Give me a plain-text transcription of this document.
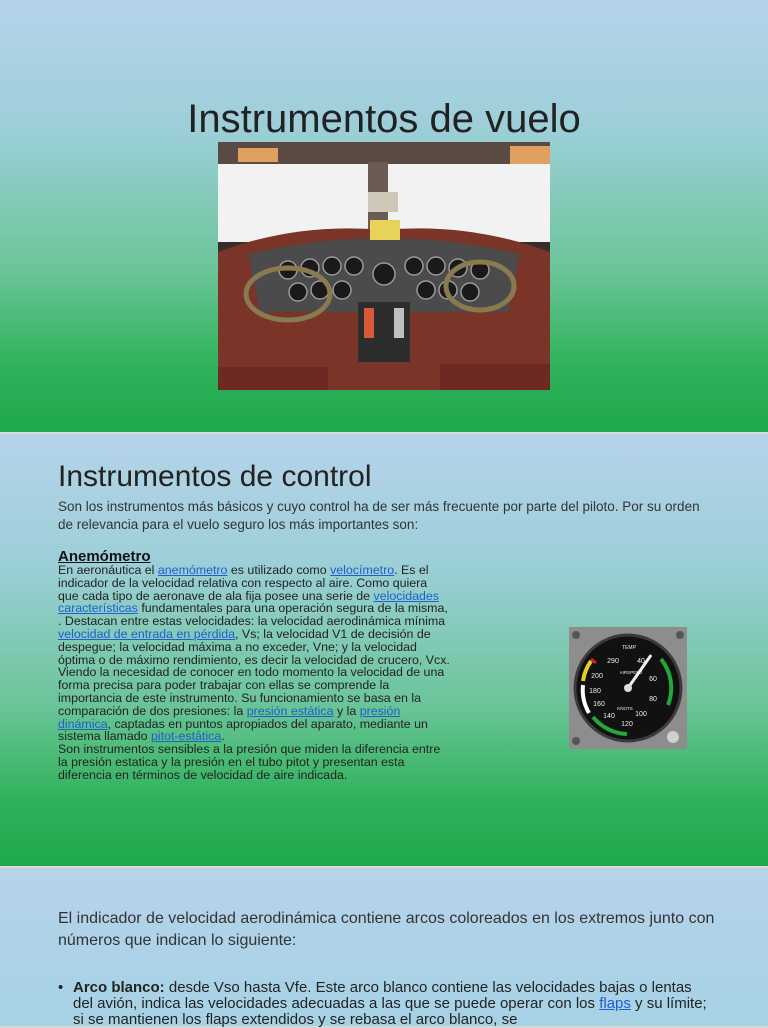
Instrumentos de vuelo
Instrumentos de control
Son los instrumentos más básicos y cuyo control ha de ser más frecuente por parte del piloto. Por su orden de relevancia para el vuelo seguro los más importantes son:
Anemómetro
En aeronáutica el anemómetro es utilizado como velocímetro. Es el indicador de la velocidad relativa con respecto al aire. Como quiera que cada tipo de aeronave de ala fija posee una serie de velocidades características fundamentales para una operación segura de la misma, . Destacan entre estas velocidades: la velocidad aerodinámica mínima velocidad de entrada en pérdida, Vs; la velocidad V1 de decisión de despegue; la velocidad máxima a no exceder, Vne; y la velocidad óptima o de máximo rendimiento, es decir la velocidad de crucero, Vcx. Viendo la necesidad de conocer en todo momento la velocidad de una forma precisa para poder trabajar con ellas se comprende la importancia de este instrumento. Su funcionamiento se basa en la comparación de dos presiones: la presión estática y la presión dinámica, captadas en puntos apropiados del aparato, mediante un sistema llamado pitot-estática.
Son instrumentos sensibles a la presión que miden la diferencia entre la presión estatica y la presión en el tubo pitot y presentan esta diferencia en términos de velocidad de aire indicada.
40
60
80
100
120
140
160
180
200
290
TEMP
AIRSPEED
KNOTS
El indicador de velocidad aerodinámica contiene arcos coloreados en los extremos junto con números que indican lo siguiente:
• Arco blanco: desde Vso hasta Vfe. Este arco blanco contiene las velocidades bajas o lentas del avión, indica las velocidades adecuadas a las que se puede operar con los flaps y su límite; si se mantienen los flaps extendidos y se rebasa el arco blanco, se
